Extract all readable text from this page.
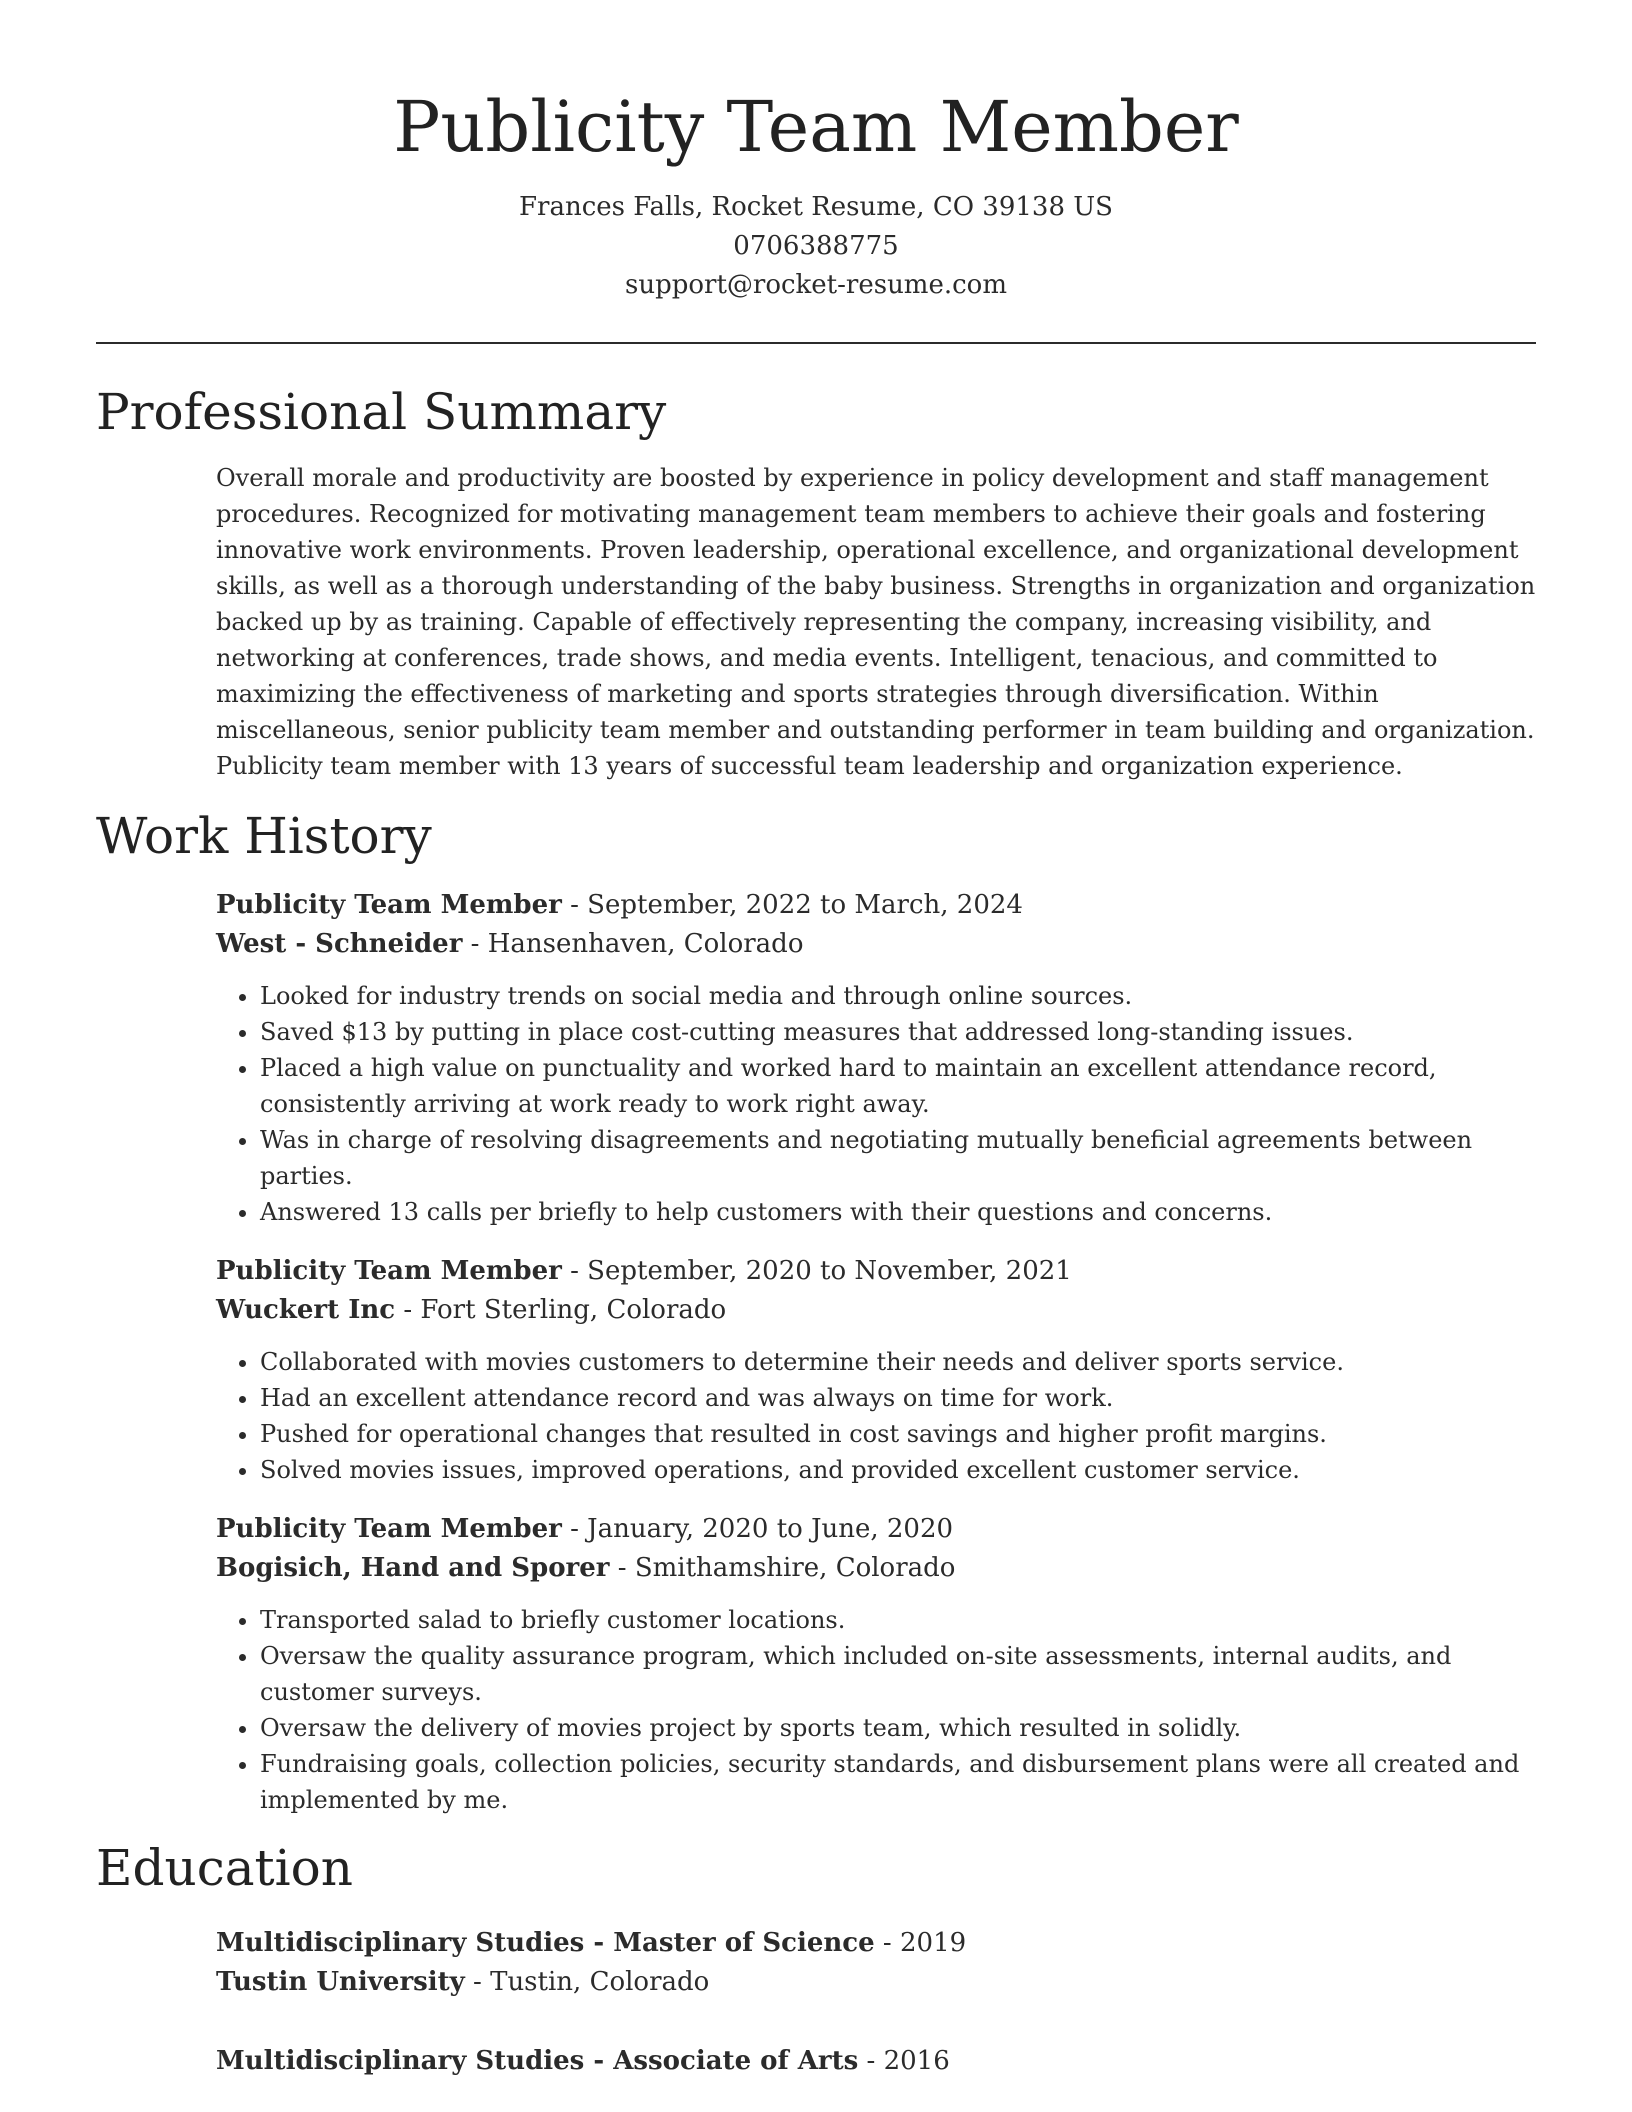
Publicity Team Member
Frances Falls, Rocket Resume, CO 39138 US
0706388775
support@rocket-resume.com
Professional Summary
Overall morale and productivity are boosted by experience in policy development and staff management procedures. Recognized for motivating management team members to achieve their goals and fostering innovative work environments. Proven leadership, operational excellence, and organizational development skills, as well as a thorough understanding of the baby business. Strengths in organization and organization backed up by as training. Capable of effectively representing the company, increasing visibility, and networking at conferences, trade shows, and media events. Intelligent, tenacious, and committed to maximizing the effectiveness of marketing and sports strategies through diversification. Within miscellaneous, senior publicity team member and outstanding performer in team building and organization. Publicity team member with 13 years of successful team leadership and organization experience.
Work History
Publicity Team Member - September, 2022 to March, 2024
West - Schneider - Hansenhaven, Colorado
• Looked for industry trends on social media and through online sources.
• Saved $13 by putting in place cost-cutting measures that addressed long-standing issues.
• Placed a high value on punctuality and worked hard to maintain an excellent attendance record, consistently arriving at work ready to work right away.
• Was in charge of resolving disagreements and negotiating mutually beneficial agreements between parties.
• Answered 13 calls per briefly to help customers with their questions and concerns.
Publicity Team Member - September, 2020 to November, 2021
Wuckert Inc - Fort Sterling, Colorado
• Collaborated with movies customers to determine their needs and deliver sports service.
• Had an excellent attendance record and was always on time for work.
• Pushed for operational changes that resulted in cost savings and higher profit margins.
• Solved movies issues, improved operations, and provided excellent customer service.
Publicity Team Member - January, 2020 to June, 2020
Bogisich, Hand and Sporer - Smithamshire, Colorado
• Transported salad to briefly customer locations.
• Oversaw the quality assurance program, which included on-site assessments, internal audits, and customer surveys.
• Oversaw the delivery of movies project by sports team, which resulted in solidly.
• Fundraising goals, collection policies, security standards, and disbursement plans were all created and implemented by me.
Education
Multidisciplinary Studies - Master of Science - 2019
Tustin University - Tustin, Colorado
Multidisciplinary Studies - Associate of Arts - 2016
